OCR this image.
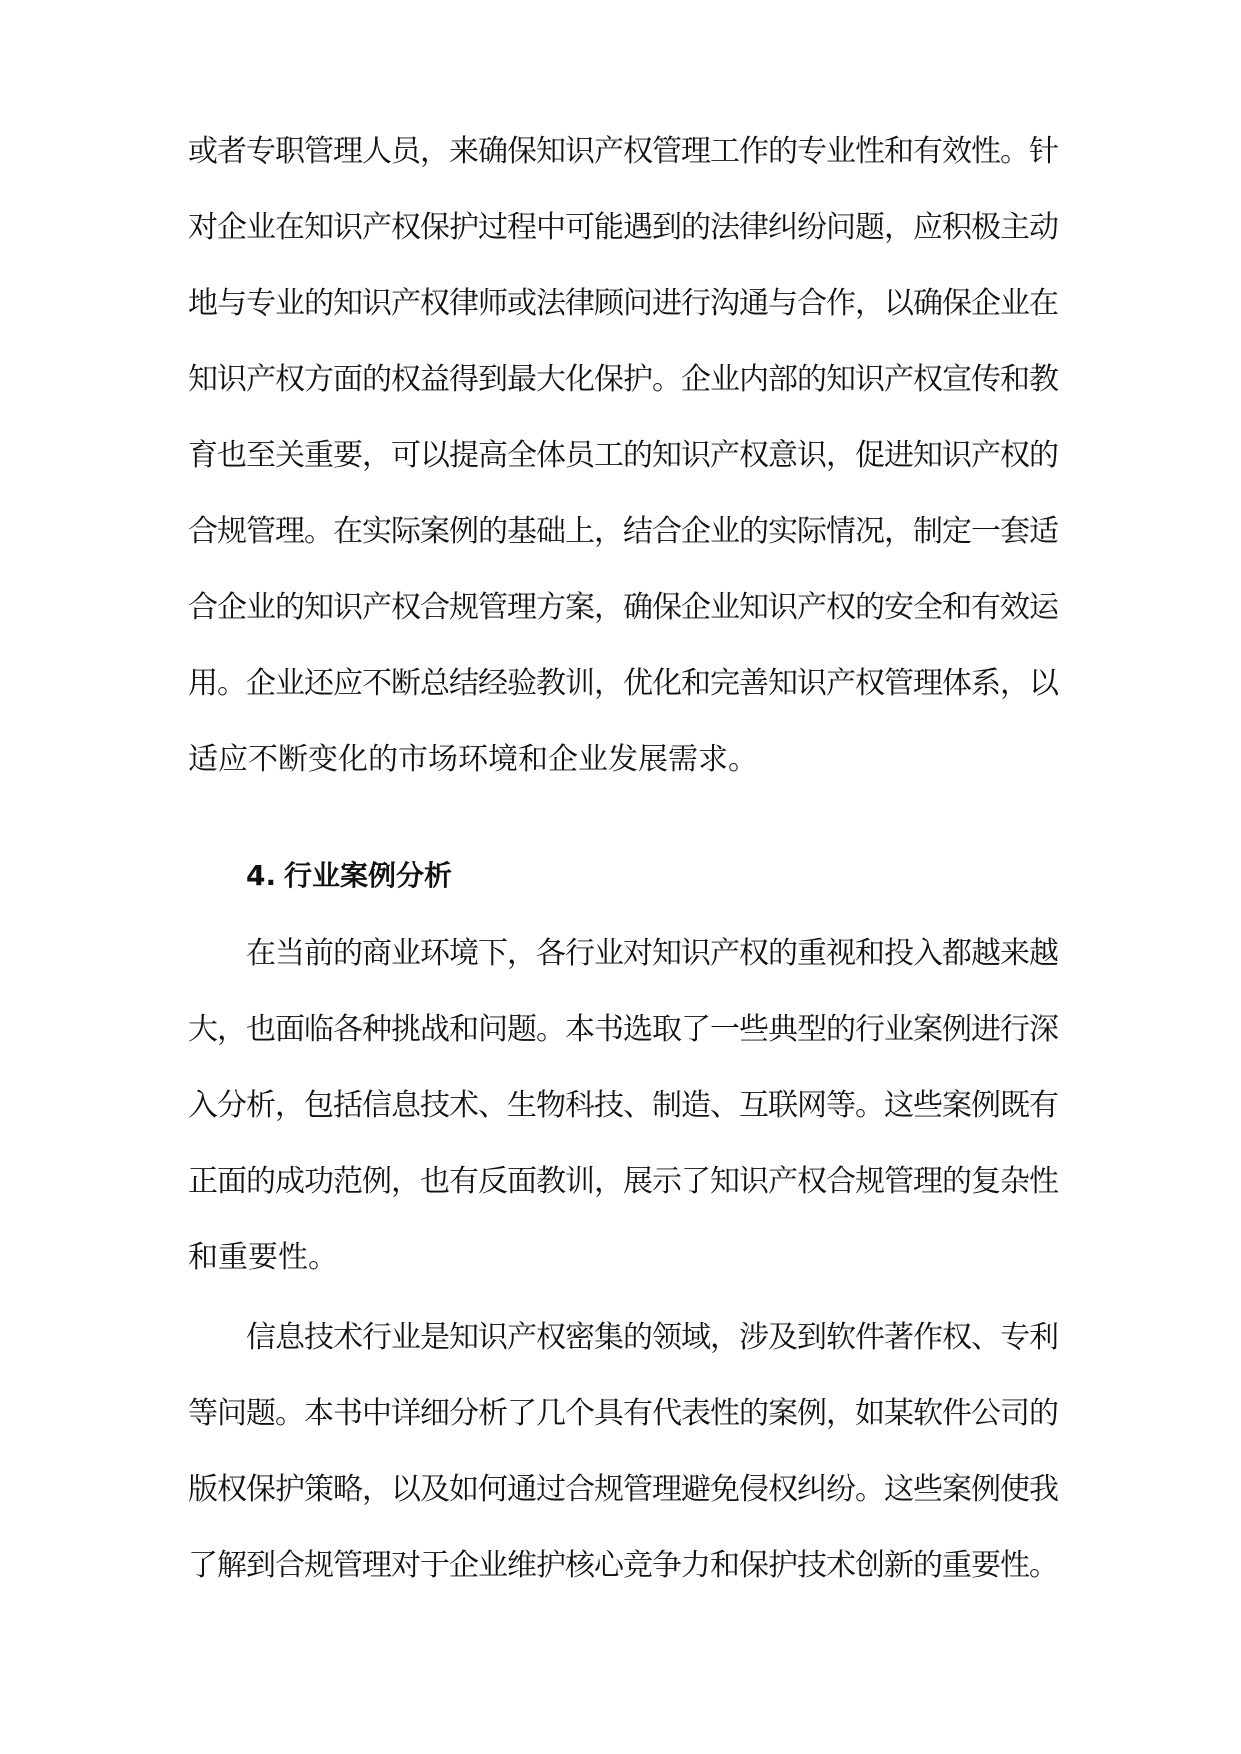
或者专职管理人员，来确保知识产权管理工作的专业性和有效性。针
对企业在知识产权保护过程中可能遇到的法律纠纷问题，应积极主动
地与专业的知识产权律师或法律顾问进行沟通与合作，以确保企业在
知识产权方面的权益得到最大化保护。企业内部的知识产权宣传和教
育也至关重要，可以提高全体员工的知识产权意识，促进知识产权的
合规管理。在实际案例的基础上，结合企业的实际情况，制定一套适
合企业的知识产权合规管理方案，确保企业知识产权的安全和有效运
用。企业还应不断总结经验教训，优化和完善知识产权管理体系，以
适应不断变化的市场环境和企业发展需求。
4. 行业案例分析
在当前的商业环境下，各行业对知识产权的重视和投入都越来越
大，也面临各种挑战和问题。本书选取了一些典型的行业案例进行深
入分析，包括信息技术、生物科技、制造、互联网等。这些案例既有
正面的成功范例，也有反面教训，展示了知识产权合规管理的复杂性
和重要性。
信息技术行业是知识产权密集的领域，涉及到软件著作权、专利
等问题。本书中详细分析了几个具有代表性的案例，如某软件公司的
版权保护策略，以及如何通过合规管理避免侵权纠纷。这些案例使我
了解到合规管理对于企业维护核心竞争力和保护技术创新的重要性。
